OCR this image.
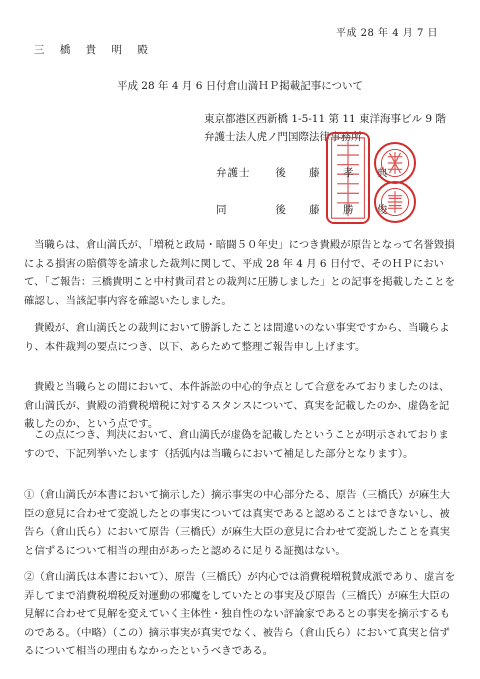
平成 28 年 4 月 7 日
三 橋 貴 明 殿
平成 28 年 4 月 6 日付倉山満ＨＰ掲載記事について
東京都港区西新橋 1-5-11 第 11 東洋海事ビル 9 階
弁護士法人虎ノ門国際法律事務所
弁護士 後 藤 孝 典
同	後 藤 勝 俊
当職らは、倉山満氏が、「増税と政局・暗闘５０年史」につき貴殿が原告となって名誉毀損による損害の賠償等を請求した裁判に関して、平成 28 年 4 月 6 日付で、そのＨＰにおいて、「ご報告：三橋貴明こと中村貴司君との裁判に圧勝しました」との記事を掲載したことを確認し、当該記事内容を確認いたしました。
貴殿が、倉山満氏との裁判において勝訴したことは間違いのない事実ですから、当職らより、本件裁判の要点につき、以下、あらためて整理ご報告申し上げます。
貴殿と当職らとの間において、本件訴訟の中心的争点として合意をみておりましたのは、倉山満氏が、貴殿の消費税増税に対するスタンスについて、真実を記載したのか、虚偽を記載したのか、という点です。
この点につき、判決において、倉山満氏が虚偽を記載したということが明示されておりますので、下記列挙いたします（括弧内は当職らにおいて補足した部分となります）。
①（倉山満氏が本書において摘示した）摘示事実の中心部分たる、原告（三橋氏）が麻生大臣の意見に合わせて変説したとの事実については真実であると認めることはできないし、被告ら（倉山氏ら）において原告（三橋氏）が麻生大臣の意見に合わせて変説したことを真実と信ずるについて相当の理由があったと認めるに足りる証拠はない。
②（倉山満氏は本書において）、原告（三橋氏）が内心では消費税増税賛成派であり、虚言を弄してまで消費税増税反対運動の邪魔をしていたとの事実及び原告（三橋氏）が麻生大臣の見解に合わせて見解を変えていく主体性・独自性のない評論家であるとの事実を摘示するものである。（中略）（この）摘示事実が真実でなく、被告ら（倉山氏ら）において真実と信ずるについて相当の理由もなかったというべきである。
